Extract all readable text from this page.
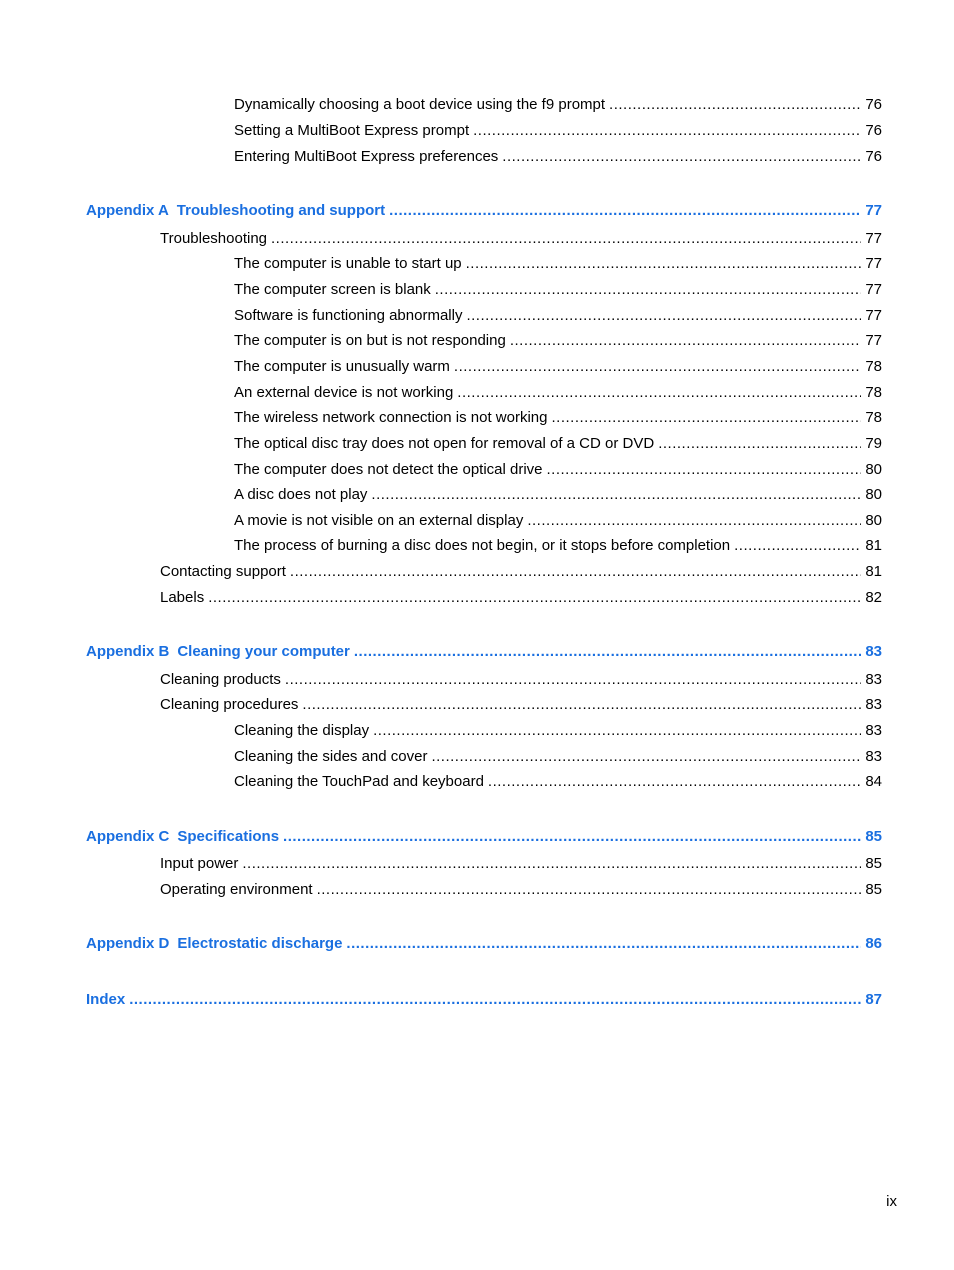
Dynamically choosing a boot device using the f9 prompt .....	76
Setting a MultiBoot Express prompt .....	76
Entering MultiBoot Express preferences .....	76
Appendix A Troubleshooting and support .....	77
Troubleshooting .....	77
The computer is unable to start up .....	77
The computer screen is blank .....	77
Software is functioning abnormally .....	77
The computer is on but is not responding .....	77
The computer is unusually warm .....	78
An external device is not working .....	78
The wireless network connection is not working .....	78
The optical disc tray does not open for removal of a CD or DVD .....	79
The computer does not detect the optical drive .....	80
A disc does not play .....	80
A movie is not visible on an external display .....	80
The process of burning a disc does not begin, or it stops before completion .....	81
Contacting support .....	81
Labels .....	82
Appendix B Cleaning your computer .....	83
Cleaning products .....	83
Cleaning procedures .....	83
Cleaning the display .....	83
Cleaning the sides and cover .....	83
Cleaning the TouchPad and keyboard .....	84
Appendix C Specifications .....	85
Input power .....	85
Operating environment .....	85
Appendix D Electrostatic discharge .....	86
Index .....	87
ix
